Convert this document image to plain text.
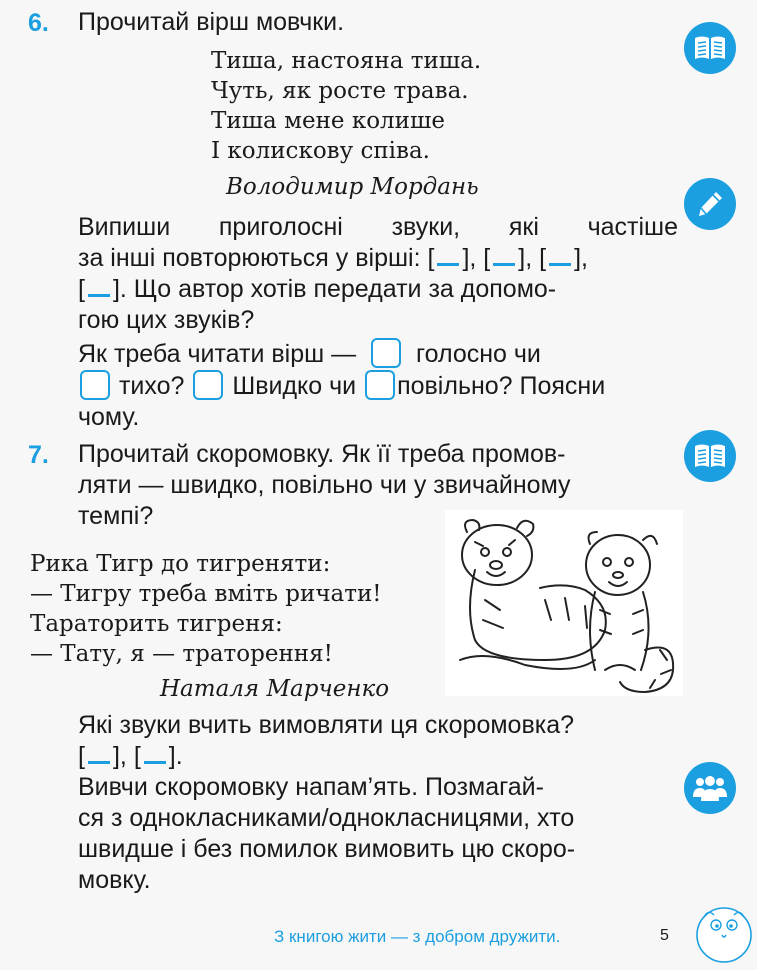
6. Прочитай вірш мовчки.
Тиша, настояна тиша.
Чуть, як росте трава.
Тиша мене колише
І колискову співа.
Володимир Мордань
Випиши приголосні звуки, які частіше
за інші повторюються у вірші: [ ], [ ], [ ],
[ ]. Що автор хотів передати за допомо-
гою цих звуків?
Як треба читати вірш — голосно чи
тихо? Швидко чи повільно? Поясни
чому.
7. Прочитай скоромовку. Як її треба промов-
ляти — швидко, повільно чи у звичайному
темпі?
Рика Тигр до тигреняти:
— Тигру треба вміть ричати!
Тараторить тигреня:
— Тату, я — траторення!
Наталя Марченко
Які звуки вчить вимовляти ця скоромовка?
[ ], [ ].
Вивчи скоромовку напам’ять. Позмагай-
ся з однокласниками/однокласницями, хто
швидше і без помилок вимовить цю скоро-
мовку.
З книгою жити — з добром дружити.	5
